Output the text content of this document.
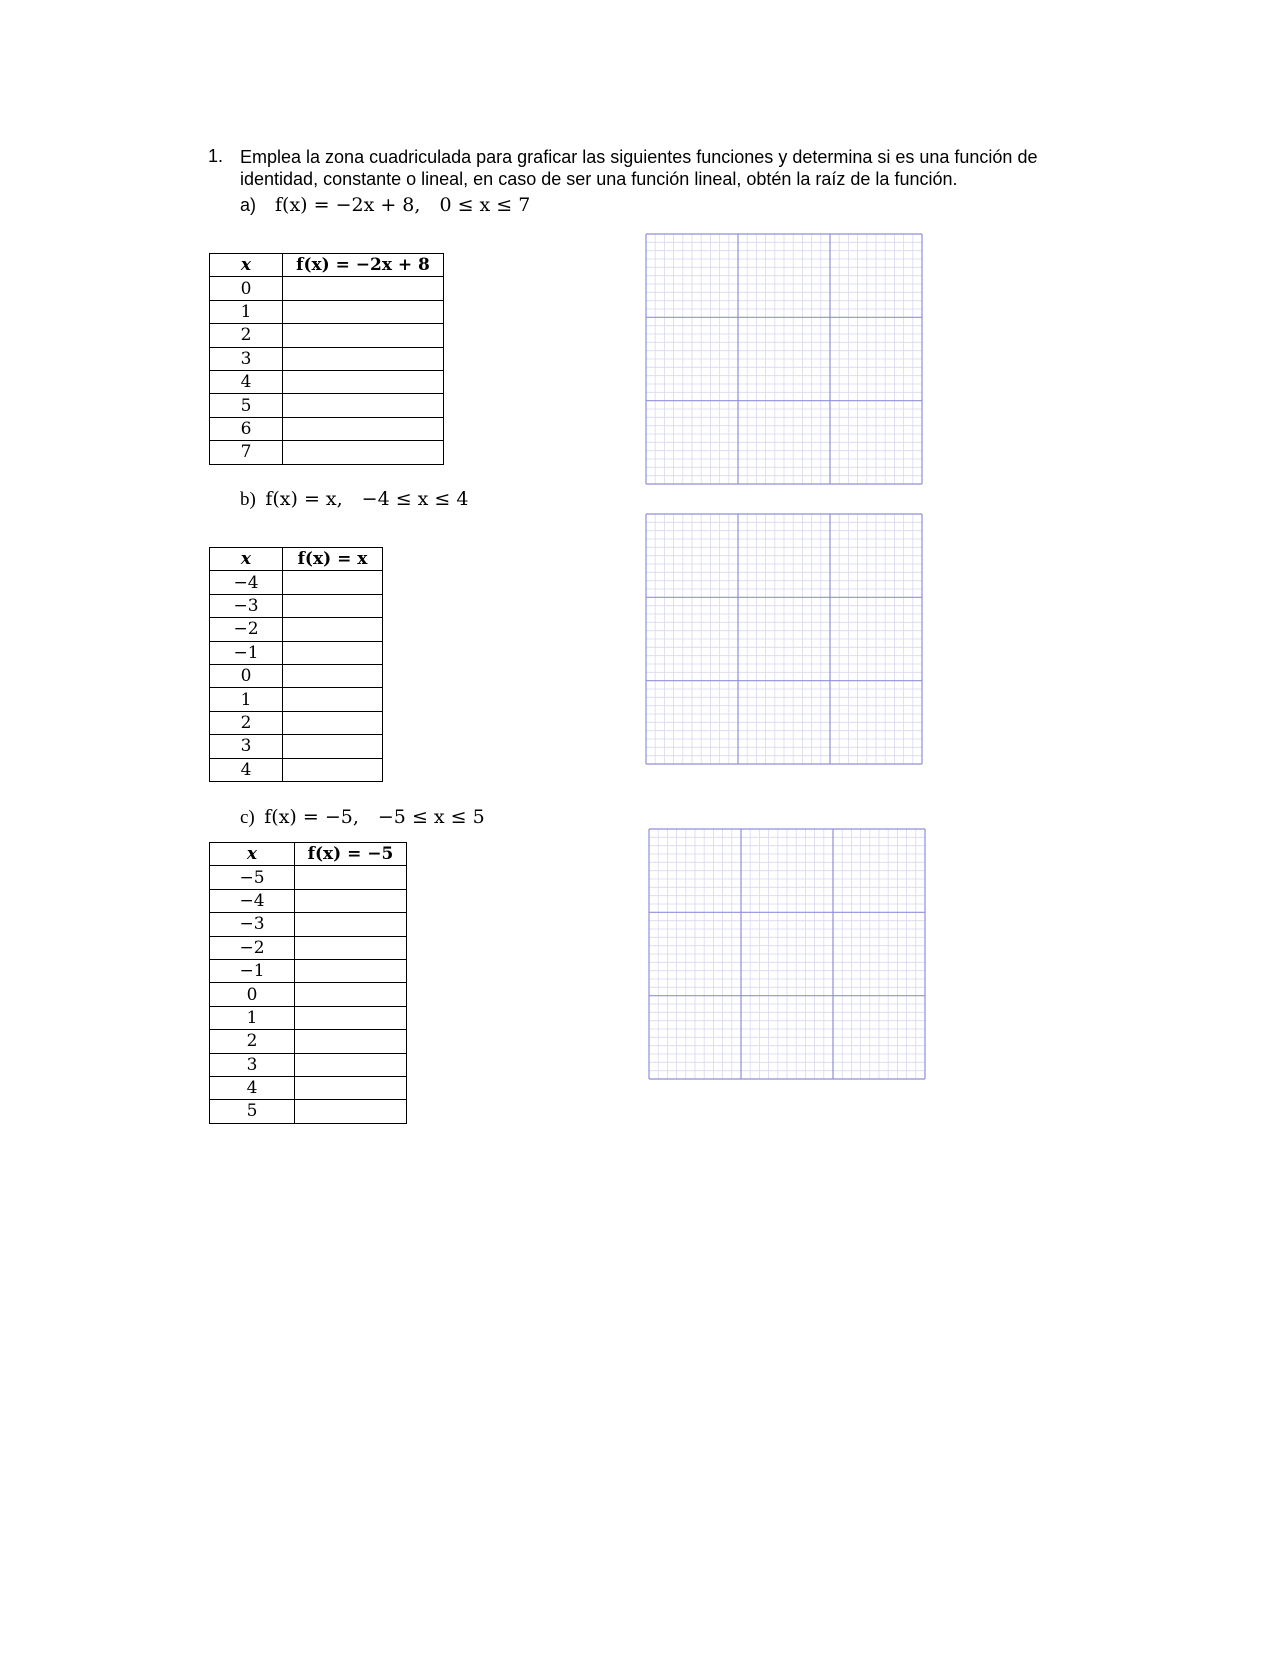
1. Emplea la zona cuadriculada para graficar las siguientes funciones y determina si es una función de identidad, constante o lineal, en caso de ser una función lineal, obtén la raíz de la función.
a) f(x) = −2x + 8, 0 ≤ x ≤ 7
x	f(x) = −2x + 8
0	
1	
2	
3	
4	
5	
6	
7	
b) f(x) = x, −4 ≤ x ≤ 4
x	f(x) = x
−4	
−3	
−2	
−1	
0	
1	
2	
3	
4	
c) f(x) = −5, −5 ≤ x ≤ 5
x	f(x) = −5
−5	
−4	
−3	
−2	
−1	
0	
1	
2	
3	
4	
5	
